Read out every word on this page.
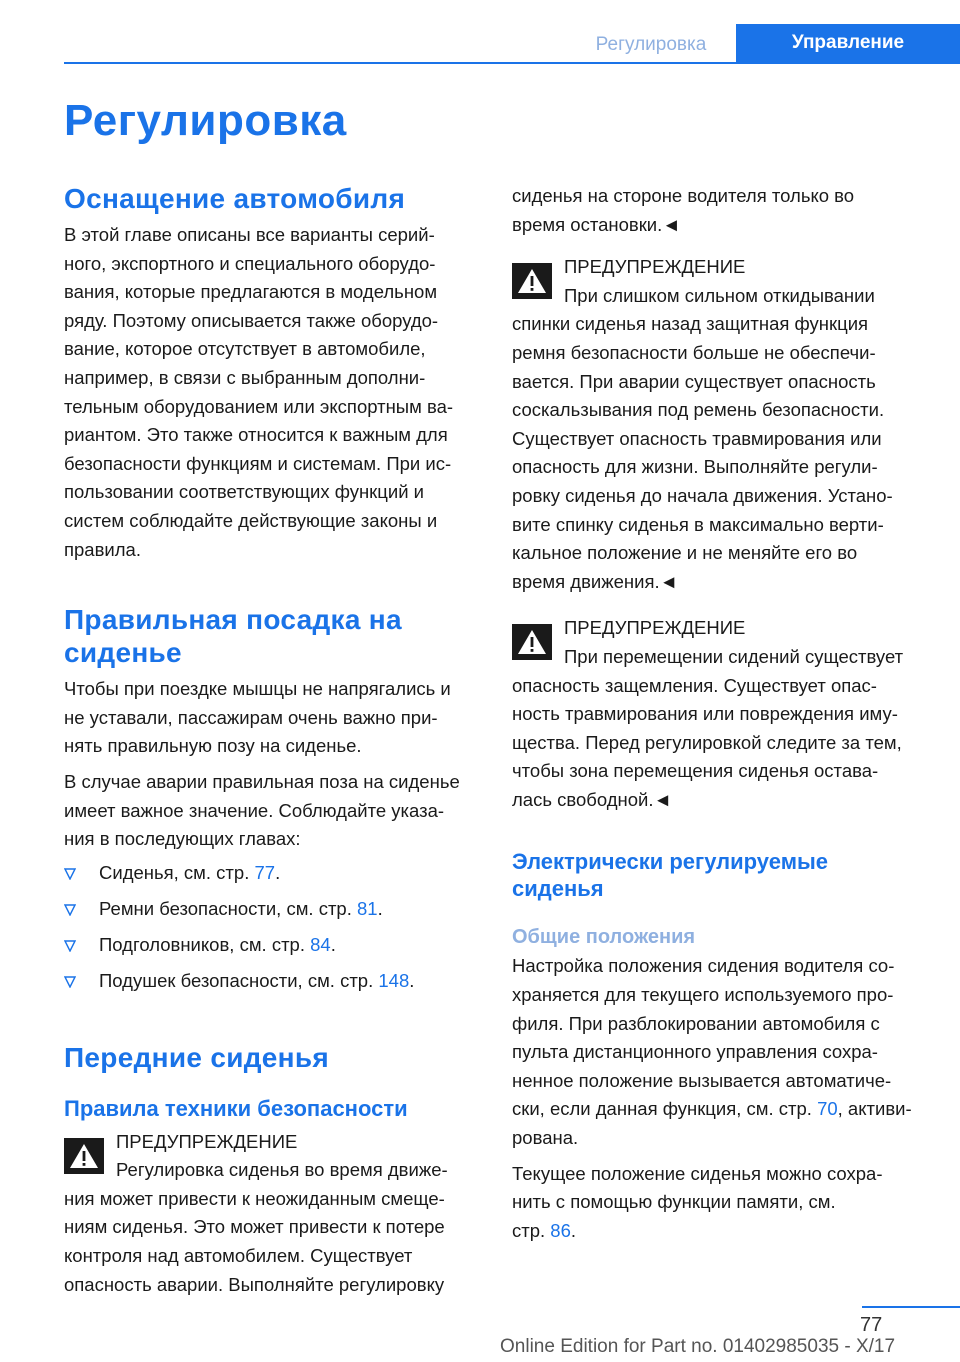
Регулировка	Управление
Регулировка
Оснащение автомобиля
В этой главе описаны все варианты серий-
ного, экспортного и специального оборудо-
вания, которые предлагаются в модельном
ряду. Поэтому описывается также оборудо-
вание, которое отсутствует в автомобиле,
например, в связи с выбранным дополни-
тельным оборудованием или экспортным ва-
риантом. Это также относится к важным для
безопасности функциям и системам. При ис-
пользовании соответствующих функций и
систем соблюдайте действующие законы и
правила.
Правильная посадка на
сиденье
Чтобы при поездке мышцы не напрягались и
не уставали, пассажирам очень важно при-
нять правильную позу на сиденье.
В случае аварии правильная поза на сиденье
имеет важное значение. Соблюдайте указа-
ния в последующих главах:
Сиденья, см. стр. 77.
Ремни безопасности, см. стр. 81.
Подголовников, см. стр. 84.
Подушек безопасности, см. стр. 148.
Передние сиденья
Правила техники безопасности
ПРЕДУПРЕЖДЕНИЕ
Регулировка сиденья во время движе-
ния может привести к неожиданным смеще-
ниям сиденья. Это может привести к потере
контроля над автомобилем. Существует
опасность аварии. Выполняйте регулировку
сиденья на стороне водителя только во
время остановки.◄
ПРЕДУПРЕЖДЕНИЕ
При слишком сильном откидывании
спинки сиденья назад защитная функция
ремня безопасности больше не обеспечи-
вается. При аварии существует опасность
соскальзывания под ремень безопасности.
Существует опасность травмирования или
опасность для жизни. Выполняйте регули-
ровку сиденья до начала движения. Устано-
вите спинку сиденья в максимально верти-
кальное положение и не меняйте его во
время движения.◄
ПРЕДУПРЕЖДЕНИЕ
При перемещении сидений существует
опасность защемления. Существует опас-
ность травмирования или повреждения иму-
щества. Перед регулировкой следите за тем,
чтобы зона перемещения сиденья остава-
лась свободной.◄
Электрически регулируемые
сиденья
Общие положения
Настройка положения сидения водителя со-
храняется для текущего используемого про-
филя. При разблокировании автомобиля с
пульта дистанционного управления сохра-
ненное положение вызывается автоматиче-
ски, если данная функция, см. стр. 70, активи-
рована.
Текущее положение сиденья можно сохра-
нить с помощью функции памяти, см.
стр. 86.
77
Online Edition for Part no. 01402985035 - X/17
